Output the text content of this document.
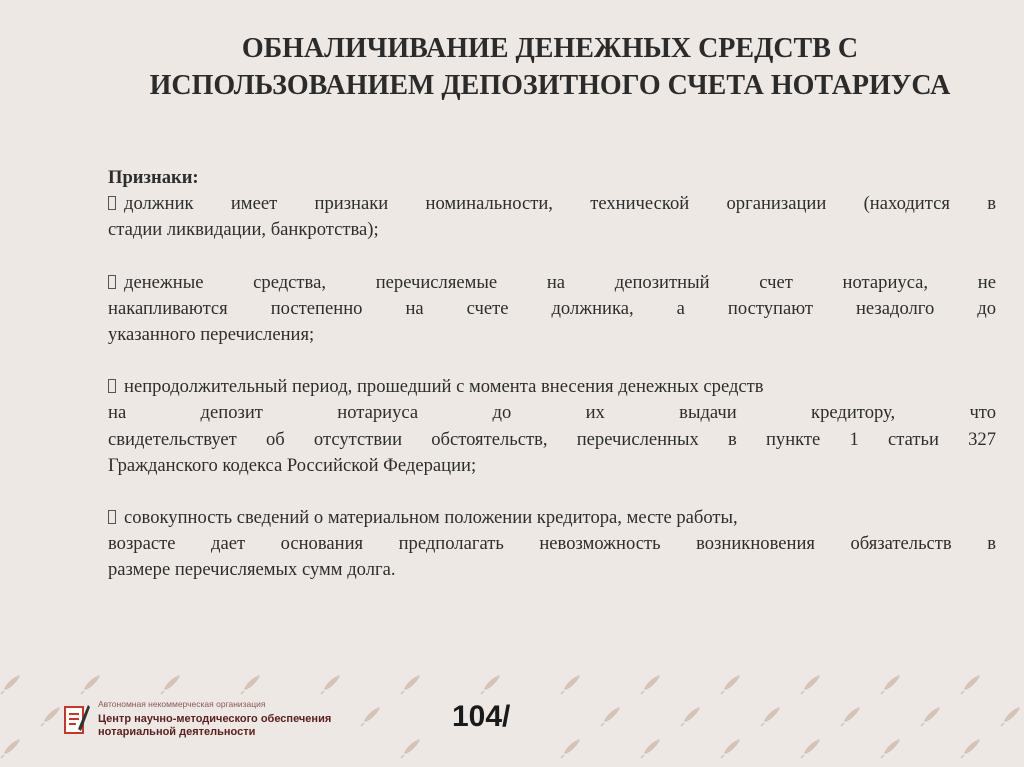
ОБНАЛИЧИВАНИЕ ДЕНЕЖНЫХ СРЕДСТВ С
ИСПОЛЬЗОВАНИЕМ ДЕПОЗИТНОГО СЧЕТА НОТАРИУСА
Признаки:
должник имеет признаки номинальности, технической организации (находится в
стадии ликвидации, банкротства);
денежные средства, перечисляемые на депозитный счет нотариуса, не
накапливаются постепенно на счете должника, а поступают незадолго до
указанного перечисления;
непродолжительный период, прошедший с момента внесения денежных средств
на депозит нотариуса до их выдачи кредитору, что
свидетельствует об отсутствии обстоятельств, перечисленных в пункте 1 статьи 327
Гражданского кодекса Российской Федерации;
совокупность сведений о материальном положении кредитора, месте работы,
возрасте дает основания предполагать невозможность возникновения обязательств в
размере перечисляемых сумм долга.
Автономная некоммерческая организация
Центр научно-методического обеспечения
нотариальной деятельности	104/
